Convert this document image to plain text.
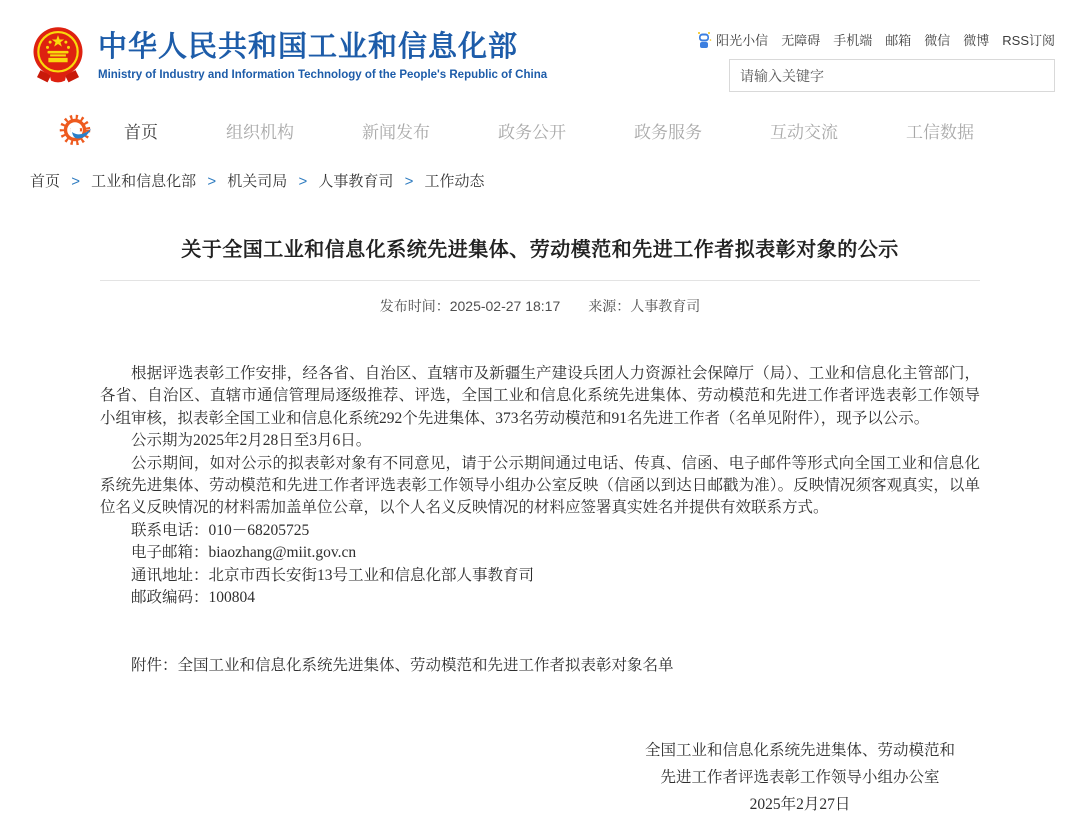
中华人民共和国工业和信息化部
Ministry of Industry and Information Technology of the People's Republic of China
阳光小信 无障碍 手机端 邮箱 微信 微博 RSS订阅
请输入关键字
首页	组织机构	新闻发布	政务公开	政务服务	互动交流	工信数据
首页 > 工业和信息化部 > 机关司局 > 人事教育司 > 工作动态
关于全国工业和信息化系统先进集体、劳动模范和先进工作者拟表彰对象的公示
发布时间：2025-02-27 18:17 来源：人事教育司

根据评选表彰工作安排，经各省、自治区、直辖市及新疆生产建设兵团人力资源社会保障厅（局）、工业和信息化主管部门，各省、自治区、直辖市通信管理局逐级推荐、评选，全国工业和信息化系统先进集体、劳动模范和先进工作者评选表彰工作领导小组审核，拟表彰全国工业和信息化系统292个先进集体、373名劳动模范和91名先进工作者（名单见附件），现予以公示。

公示期为2025年2月28日至3月6日。

公示期间，如对公示的拟表彰对象有不同意见，请于公示期间通过电话、传真、信函、电子邮件等形式向全国工业和信息化系统先进集体、劳动模范和先进工作者评选表彰工作领导小组办公室反映（信函以到达日邮戳为准）。反映情况须客观真实，以单位名义反映情况的材料需加盖单位公章，以个人名义反映情况的材料应签署真实姓名并提供有效联系方式。

联系电话：010－68205725
电子邮箱：biaozhang@miit.gov.cn
通讯地址：北京市西长安街13号工业和信息化部人事教育司
邮政编码：100804
附件：全国工业和信息化系统先进集体、劳动模范和先进工作者拟表彰对象名单
全国工业和信息化系统先进集体、劳动模范和
先进工作者评选表彰工作领导小组办公室
2025年2月27日
